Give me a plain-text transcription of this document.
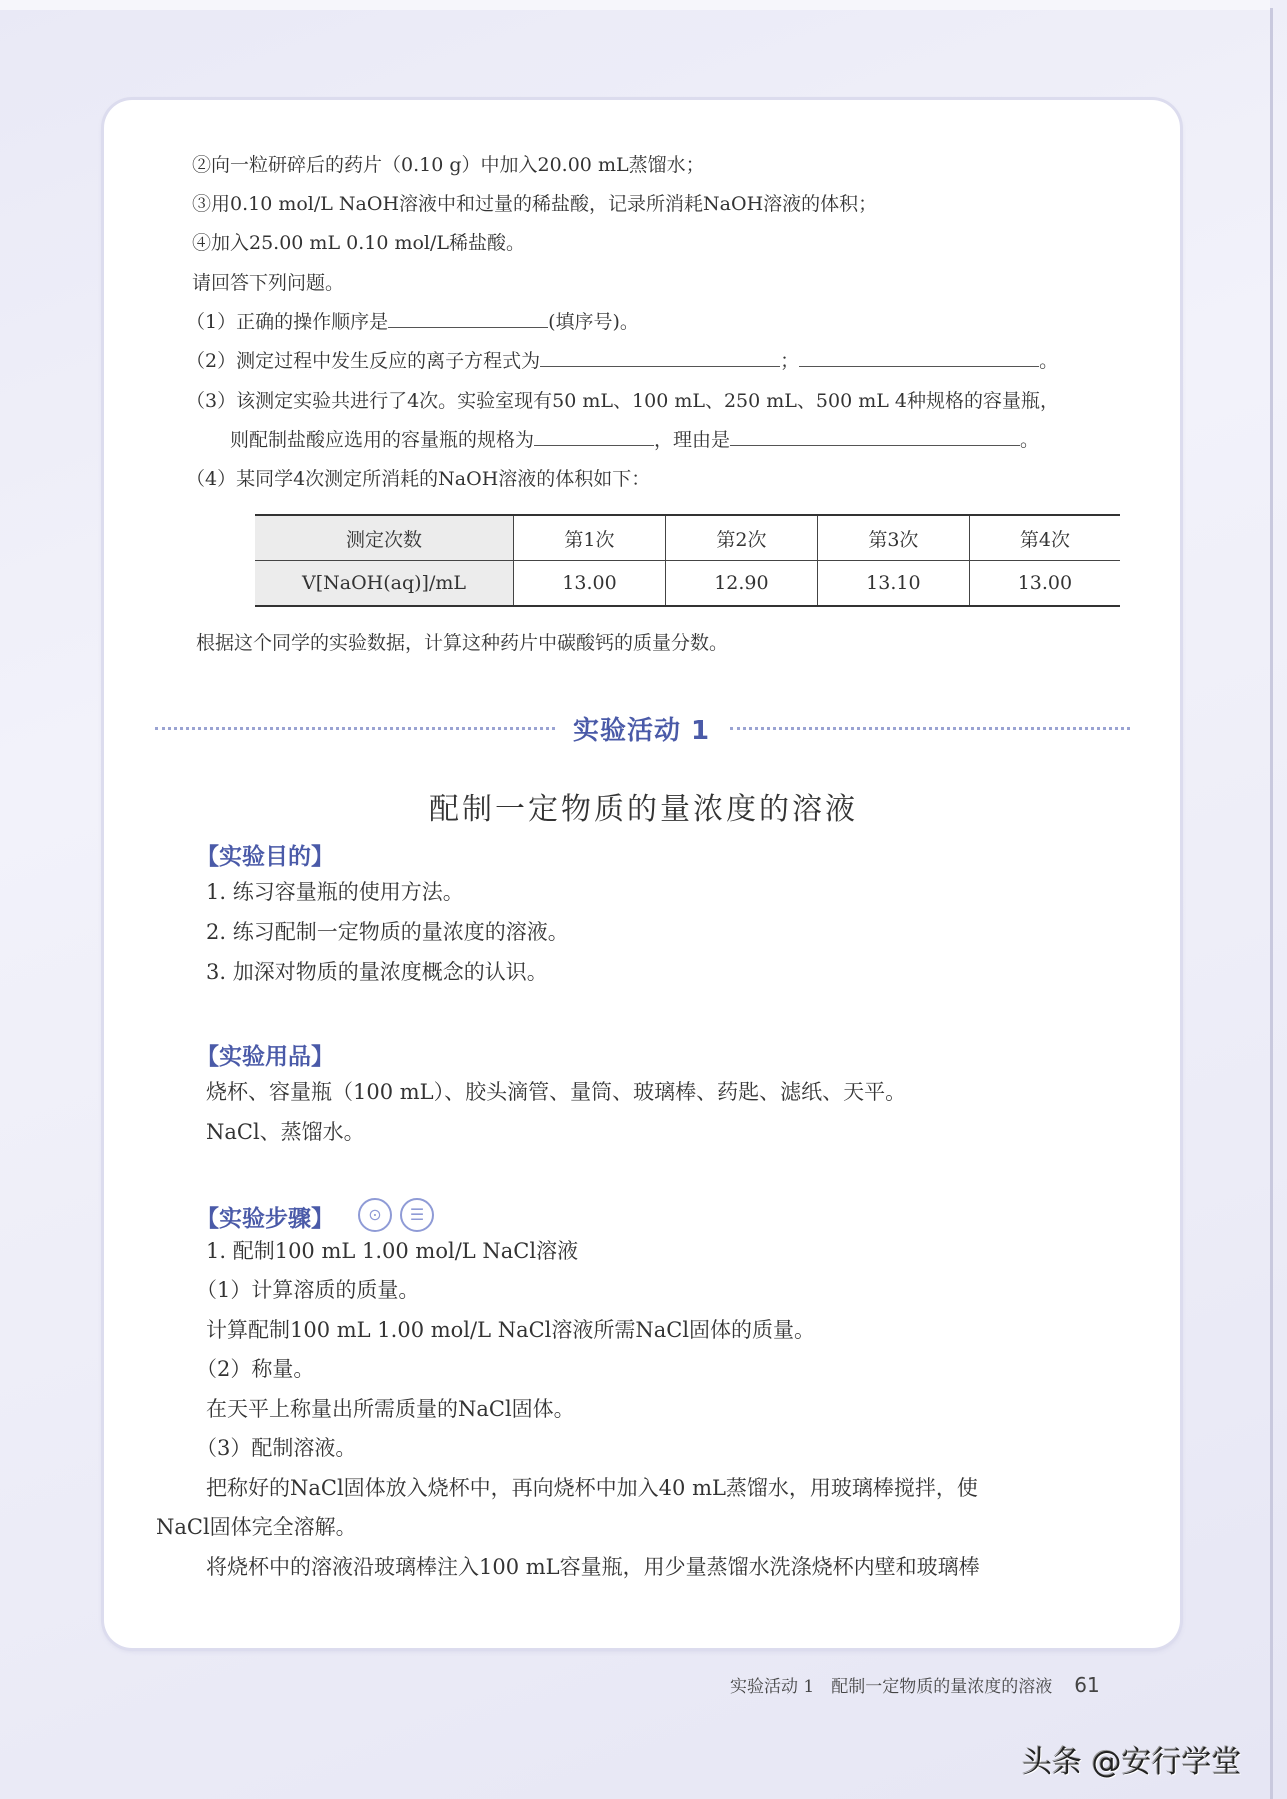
②向一粒研碎后的药片（0.10 g）中加入20.00 mL蒸馏水；
③用0.10 mol/L NaOH溶液中和过量的稀盐酸，记录所消耗NaOH溶液的体积；
④加入25.00 mL 0.10 mol/L稀盐酸。
请回答下列问题。
（1）正确的操作顺序是	(填序号)。
（2）测定过程中发生反应的离子方程式为	；	。
（3）该测定实验共进行了4次。实验室现有50 mL、100 mL、250 mL、500 mL 4种规格的容量瓶，
则配制盐酸应选用的容量瓶的规格为	，理由是	。
（4）某同学4次测定所消耗的NaOH溶液的体积如下：
测定次数	第1次	第2次	第3次	第4次
V[NaOH(aq)]/mL	13.00	12.90	13.10	13.00
根据这个同学的实验数据，计算这种药片中碳酸钙的质量分数。
实验活动 1
配制一定物质的量浓度的溶液
【实验目的】
1. 练习容量瓶的使用方法。
2. 练习配制一定物质的量浓度的溶液。
3. 加深对物质的量浓度概念的认识。
【实验用品】
烧杯、容量瓶（100 mL）、胶头滴管、量筒、玻璃棒、药匙、滤纸、天平。
NaCl、蒸馏水。
【实验步骤】	⊙	☰
1. 配制100 mL 1.00 mol/L NaCl溶液
（1）计算溶质的质量。
计算配制100 mL 1.00 mol/L NaCl溶液所需NaCl固体的质量。
（2）称量。
在天平上称量出所需质量的NaCl固体。
（3）配制溶液。
把称好的NaCl固体放入烧杯中，再向烧杯中加入40 mL蒸馏水，用玻璃棒搅拌，使
NaCl固体完全溶解。
将烧杯中的溶液沿玻璃棒注入100 mL容量瓶，用少量蒸馏水洗涤烧杯内壁和玻璃棒
实验活动 1　配制一定物质的量浓度的溶液 61
头条 @安行学堂
